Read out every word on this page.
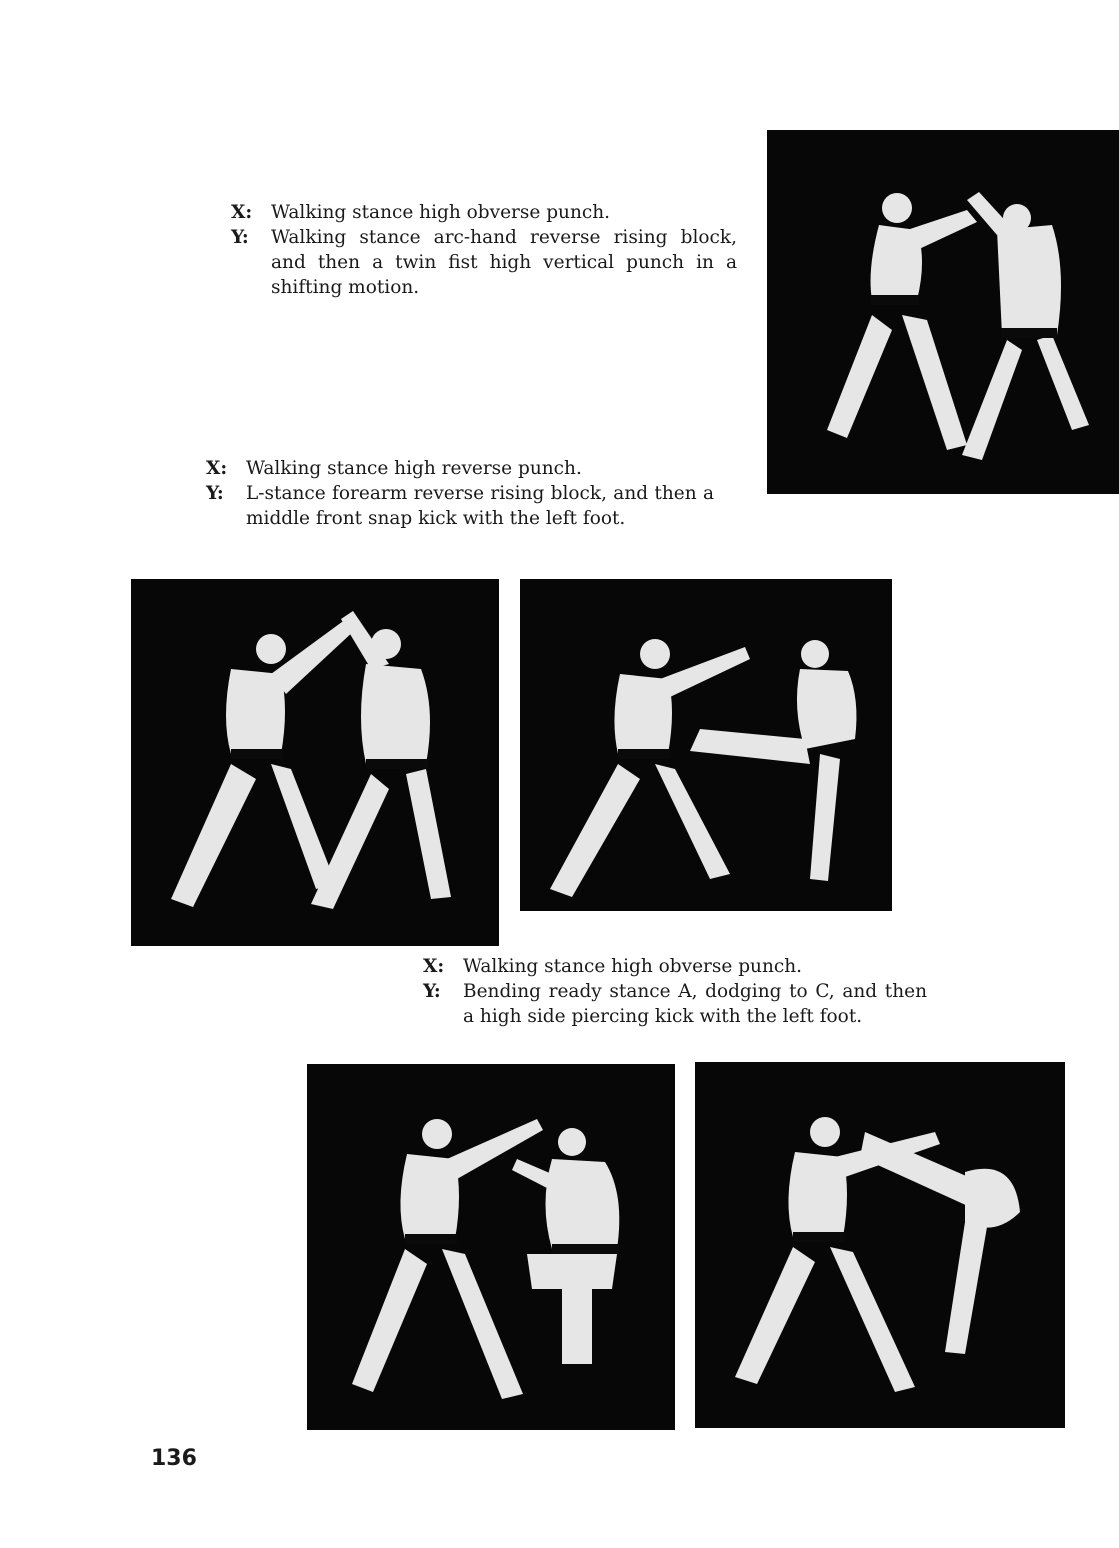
X:	Walking stance high obverse punch.
Y:	Walking stance arc-hand reverse rising block, and then a twin fist high vertical punch in a shifting motion.
X:	Walking stance high reverse punch.
Y:	L-stance forearm reverse rising block, and then a middle front snap kick with the left foot.
X:	Walking stance high obverse punch.
Y:	Bending ready stance A, dodging to C, and then a high side piercing kick with the left foot.
136
